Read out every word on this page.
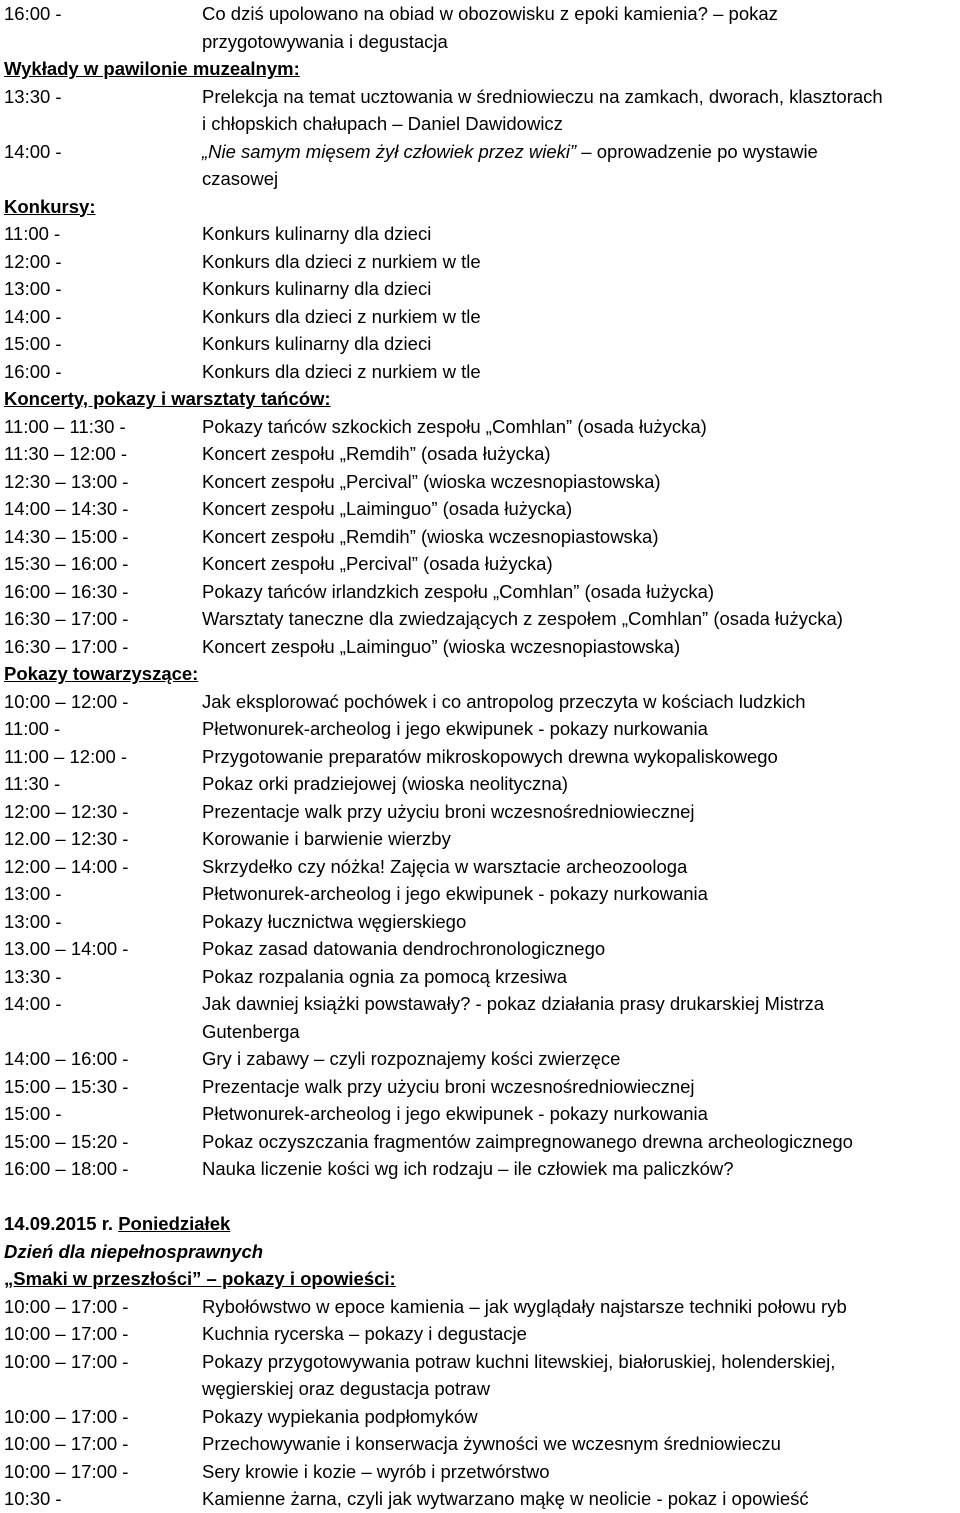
16:00 -	Co dziś upolowano na obiad w obozowisku z epoki kamienia? – pokaz
przygotowywania i degustacja
Wykłady w pawilonie muzealnym:
13:30 -	Prelekcja na temat ucztowania w średniowieczu na zamkach, dworach, klasztorach
i chłopskich chałupach – Daniel Dawidowicz
14:00 -	„Nie samym mięsem żył człowiek przez wieki” – oprowadzenie po wystawie
czasowej
Konkursy:
11:00 -	Konkurs kulinarny dla dzieci
12:00 -	Konkurs dla dzieci z nurkiem w tle
13:00 -	Konkurs kulinarny dla dzieci
14:00 -	Konkurs dla dzieci z nurkiem w tle
15:00 -	Konkurs kulinarny dla dzieci
16:00 -	Konkurs dla dzieci z nurkiem w tle
Koncerty, pokazy i warsztaty tańców:
11:00 – 11:30 -	Pokazy tańców szkockich zespołu „Comhlan” (osada łużycka)
11:30 – 12:00 -	Koncert zespołu „Remdih” (osada łużycka)
12:30 – 13:00 -	Koncert zespołu „Percival” (wioska wczesnopiastowska)
14:00 – 14:30 -	Koncert zespołu „Laiminguo” (osada łużycka)
14:30 – 15:00 -	Koncert zespołu „Remdih” (wioska wczesnopiastowska)
15:30 – 16:00 -	Koncert zespołu „Percival” (osada łużycka)
16:00 – 16:30 -	Pokazy tańców irlandzkich zespołu „Comhlan” (osada łużycka)
16:30 – 17:00 -	Warsztaty taneczne dla zwiedzających z zespołem „Comhlan” (osada łużycka)
16:30 – 17:00 -	Koncert zespołu „Laiminguo” (wioska wczesnopiastowska)
Pokazy towarzyszące:
10:00 – 12:00 -	Jak eksplorować pochówek i co antropolog przeczyta w kościach ludzkich
11:00 -	Płetwonurek-archeolog i jego ekwipunek - pokazy nurkowania
11:00 – 12:00 -	Przygotowanie preparatów mikroskopowych drewna wykopaliskowego
11:30 -	Pokaz orki pradziejowej (wioska neolityczna)
12:00 – 12:30 -	Prezentacje walk przy użyciu broni wczesnośredniowiecznej
12.00 – 12:30 -	Korowanie i barwienie wierzby
12:00 – 14:00 -	Skrzydełko czy nóżka! Zajęcia w warsztacie archeozoologa
13:00 -	Płetwonurek-archeolog i jego ekwipunek - pokazy nurkowania
13:00 -	Pokazy łucznictwa węgierskiego
13.00 – 14:00 -	Pokaz zasad datowania dendrochronologicznego
13:30 -	Pokaz rozpalania ognia za pomocą krzesiwa
14:00 -	Jak dawniej książki powstawały? - pokaz działania prasy drukarskiej Mistrza
Gutenberga
14:00 – 16:00 -	Gry i zabawy – czyli rozpoznajemy kości zwierzęce
15:00 – 15:30 -	Prezentacje walk przy użyciu broni wczesnośredniowiecznej
15:00 -	Płetwonurek-archeolog i jego ekwipunek - pokazy nurkowania
15:00 – 15:20 -	Pokaz oczyszczania fragmentów zaimpregnowanego drewna archeologicznego
16:00 – 18:00 -	Nauka liczenie kości wg ich rodzaju – ile człowiek ma paliczków?
14.09.2015 r. Poniedziałek
Dzień dla niepełnosprawnych
„Smaki w przeszłości” – pokazy i opowieści:
10:00 – 17:00 -	Rybołówstwo w epoce kamienia – jak wyglądały najstarsze techniki połowu ryb
10:00 – 17:00 -	Kuchnia rycerska – pokazy i degustacje
10:00 – 17:00 -	Pokazy przygotowywania potraw kuchni litewskiej, białoruskiej, holenderskiej,
węgierskiej oraz degustacja potraw
10:00 – 17:00 -	Pokazy wypiekania podpłomyków
10:00 – 17:00 -	Przechowywanie i konserwacja żywności we wczesnym średniowieczu
10:00 – 17:00 -	Sery krowie i kozie – wyrób i przetwórstwo
10:30 -	Kamienne żarna, czyli jak wytwarzano mąkę w neolicie - pokaz i opowieść
